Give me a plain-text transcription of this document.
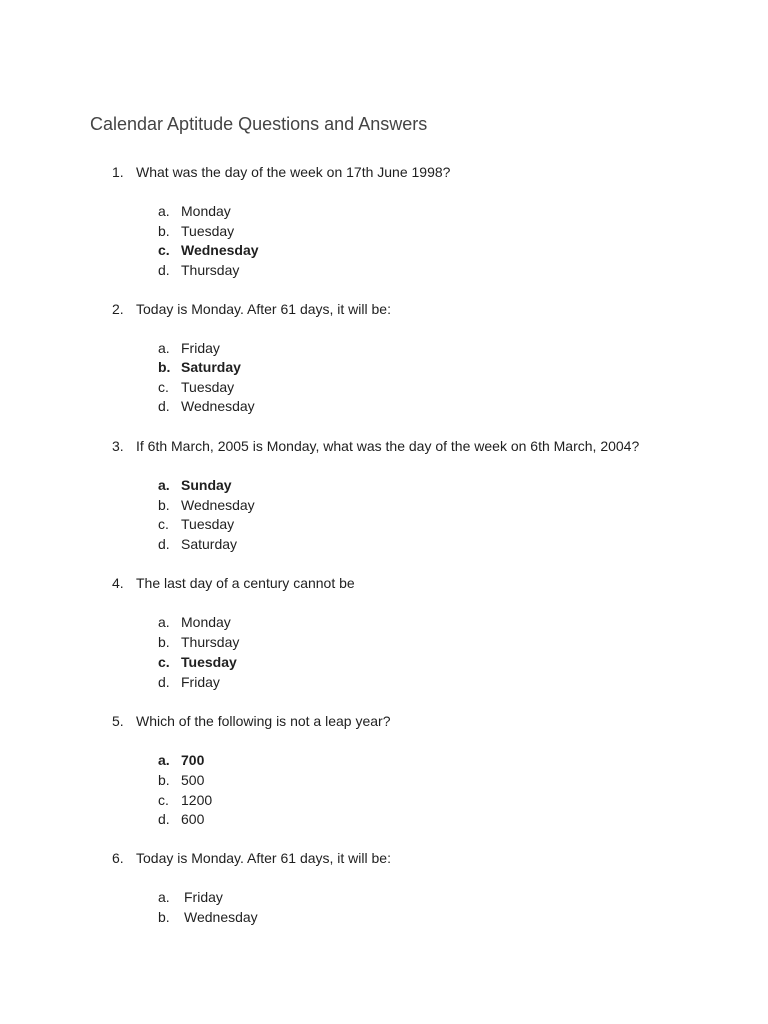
Calendar Aptitude Questions and Answers
1. What was the day of the week on 17th June 1998?
a. Monday
b. Tuesday
c. Wednesday
d. Thursday
2. Today is Monday. After 61 days, it will be:
a. Friday
b. Saturday
c. Tuesday
d. Wednesday
3. If 6th March, 2005 is Monday, what was the day of the week on 6th March, 2004?
a. Sunday
b. Wednesday
c. Tuesday
d. Saturday
4. The last day of a century cannot be
a. Monday
b. Thursday
c. Tuesday
d. Friday
5. Which of the following is not a leap year?
a. 700
b. 500
c. 1200
d. 600
6. Today is Monday. After 61 days, it will be:
a.	Friday
b.	Wednesday
